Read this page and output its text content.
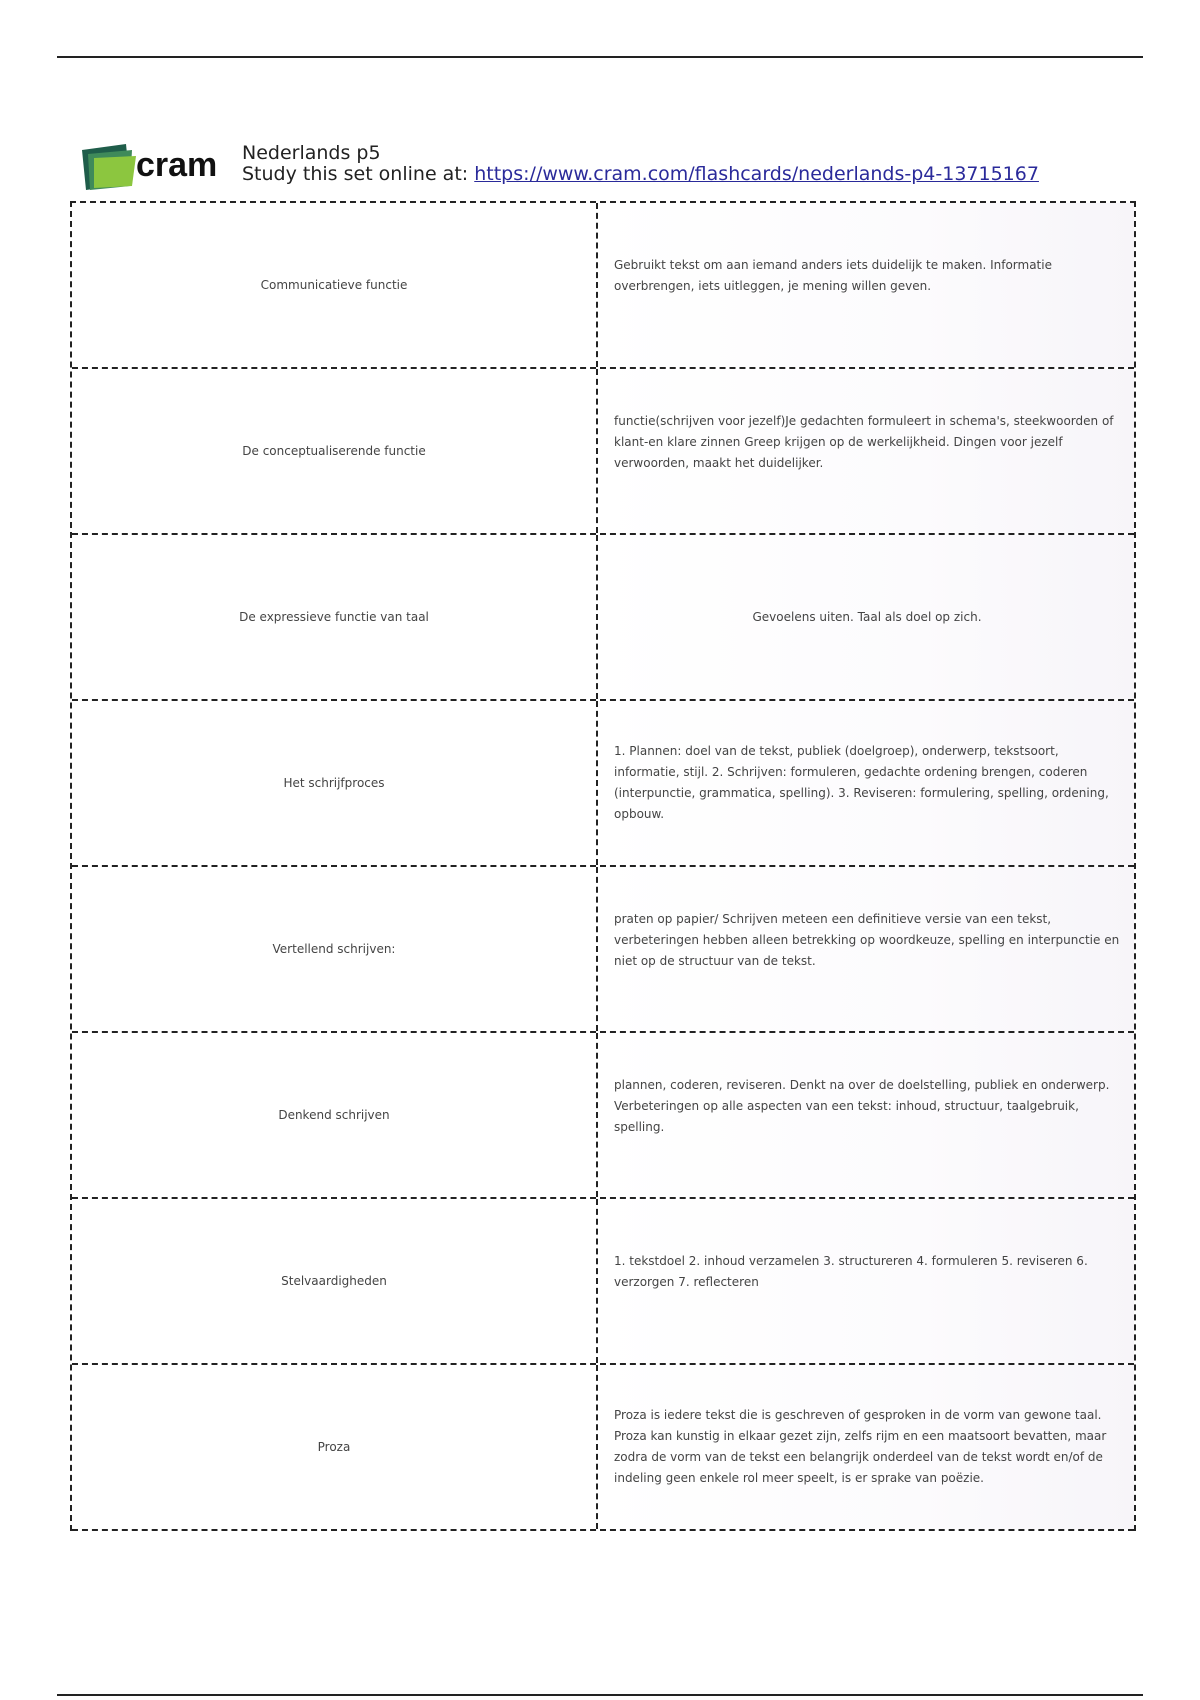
cram Nederlands p5
Study this set online at: https://www.cram.com/flashcards/nederlands-p4-13715167
Communicatieve functie
Gebruikt tekst om aan iemand anders iets duidelijk te maken. Informatie overbrengen, iets uitleggen, je mening willen geven.
De conceptualiserende functie
functie(schrijven voor jezelf)Je gedachten formuleert in schema's, steekwoorden of klant-en klare zinnen Greep krijgen op de werkelijkheid. Dingen voor jezelf verwoorden, maakt het duidelijker.
De expressieve functie van taal	Gevoelens uiten. Taal als doel op zich.
Het schrijfproces
1. Plannen: doel van de tekst, publiek (doelgroep), onderwerp, tekstsoort, informatie, stijl. 2. Schrijven: formuleren, gedachte ordening brengen, coderen (interpunctie, grammatica, spelling). 3. Reviseren: formulering, spelling, ordening, opbouw.
Vertellend schrijven:
praten op papier/ Schrijven meteen een definitieve versie van een tekst, verbeteringen hebben alleen betrekking op woordkeuze, spelling en interpunctie en niet op de structuur van de tekst.
Denkend schrijven
plannen, coderen, reviseren. Denkt na over de doelstelling, publiek en onderwerp. Verbeteringen op alle aspecten van een tekst: inhoud, structuur, taalgebruik, spelling.
Stelvaardigheden
1. tekstdoel 2. inhoud verzamelen 3. structureren 4. formuleren 5. reviseren 6. verzorgen 7. reflecteren
Proza
Proza is iedere tekst die is geschreven of gesproken in de vorm van gewone taal. Proza kan kunstig in elkaar gezet zijn, zelfs rijm en een maatsoort bevatten, maar zodra de vorm van de tekst een belangrijk onderdeel van de tekst wordt en/of de indeling geen enkele rol meer speelt, is er sprake van poëzie.
